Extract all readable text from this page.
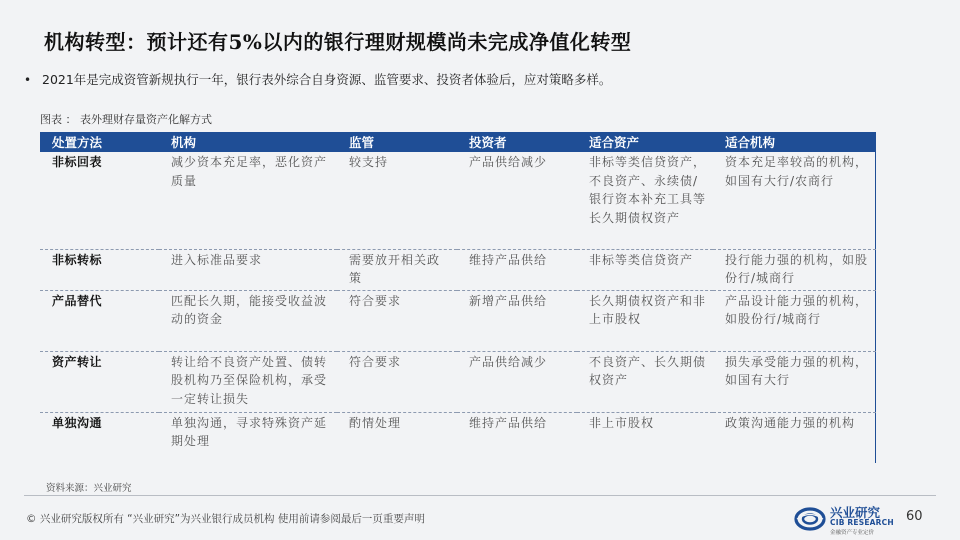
机构转型：预计还有5%以内的银行理财规模尚未完成净值化转型
• 2021年是完成资管新规执行一年，银行表外综合自身资源、监管要求、投资者体验后，应对策略多样。
图表 ： 表外理财存量资产化解方式
处置方法	机构	监管	投资者	适合资产	适合机构
非标回表	减少资本充足率，恶化资产质量	较支持	产品供给减少	非标等类信贷资产，不良资产、永续债/银行资本补充工具等长久期债权资产	资本充足率较高的机构，如国有大行/农商行
非标转标	进入标准品要求	需要放开相关政策	维持产品供给	非标等类信贷资产	投行能力强的机构，如股份行/城商行
产品替代	匹配长久期，能接受收益波动的资金	符合要求	新增产品供给	长久期债权资产和非上市股权	产品设计能力强的机构，如股份行/城商行
资产转让	转让给不良资产处置、债转股机构乃至保险机构，承受一定转让损失	符合要求	产品供给减少	不良资产、长久期债权资产	损失承受能力强的机构，如国有大行
单独沟通	单独沟通，寻求特殊资产延期处理	酌情处理	维持产品供给	非上市股权	政策沟通能力强的机构
资料来源：兴业研究
© 兴业研究版权所有 “兴业研究”为兴业银行成员机构 使用前请参阅最后一页重要声明	兴业研究
CIB RESEARCH
金融资产专业定价
60
